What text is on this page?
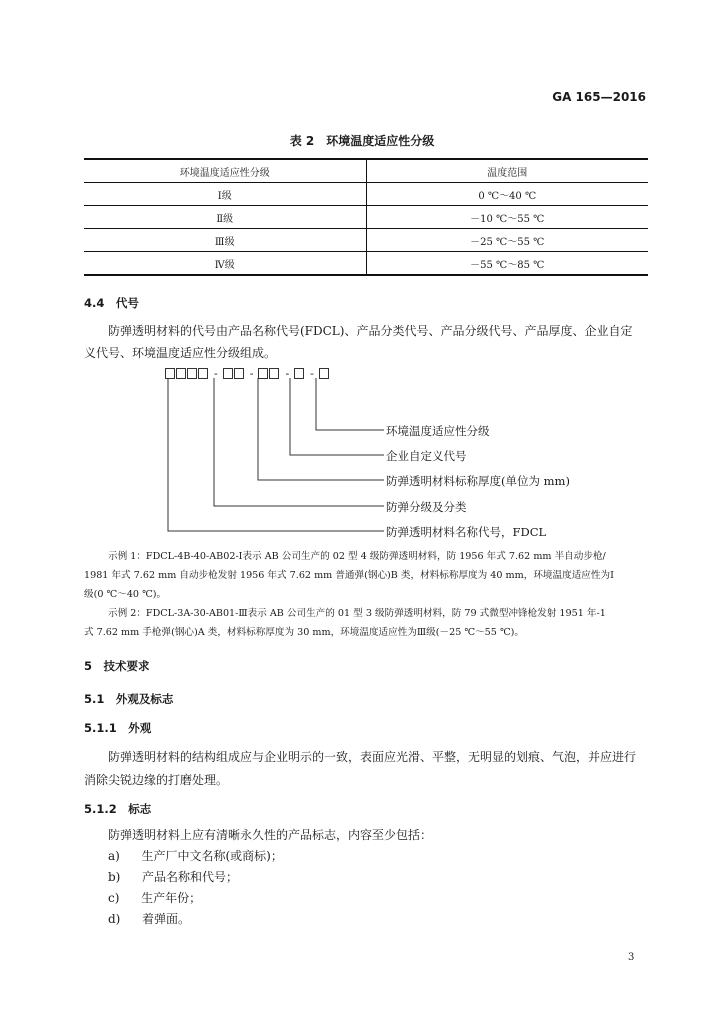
GA 165—2016
表 2　环境温度适应性分级
环境温度适应性分级	温度范围
Ⅰ级	0 ℃～40 ℃
Ⅱ级	－10 ℃～55 ℃
Ⅲ级	－25 ℃～55 ℃
Ⅳ级	－55 ℃～85 ℃
4.4　代号
防弹透明材料的代号由产品名称代号(FDCL)、产品分类代号、产品分级代号、产品厚度、企业自定
义代号、环境温度适应性分级组成。
-	-	- -
环境温度适应性分级
企业自定义代号
防弹透明材料标称厚度(单位为 mm)
防弹分级及分类
防弹透明材料名称代号，FDCL
示例 1：FDCL-4B-40-AB02-Ⅰ表示 AB 公司生产的 02 型 4 级防弹透明材料，防 1956 年式 7.62 mm 半自动步枪/
1981 年式 7.62 mm 自动步枪发射 1956 年式 7.62 mm 普通弹(钢心)B 类，材料标称厚度为 40 mm，环境温度适应性为Ⅰ
级(0 ℃～40 ℃)。
示例 2：FDCL-3A-30-AB01-Ⅲ表示 AB 公司生产的 01 型 3 级防弹透明材料，防 79 式微型冲锋枪发射 1951 年-1
式 7.62 mm 手枪弹(钢心)A 类，材料标称厚度为 30 mm，环境温度适应性为Ⅲ级(－25 ℃～55 ℃)。
5　技术要求
5.1　外观及标志
5.1.1　外观
防弹透明材料的结构组成应与企业明示的一致，表面应光滑、平整，无明显的划痕、气泡，并应进行
消除尖锐边缘的打磨处理。
5.1.2　标志
防弹透明材料上应有清晰永久性的产品标志，内容至少包括：
a) 生产厂中文名称(或商标)；
b) 产品名称和代号；
c) 生产年份；
d) 着弹面。
3
